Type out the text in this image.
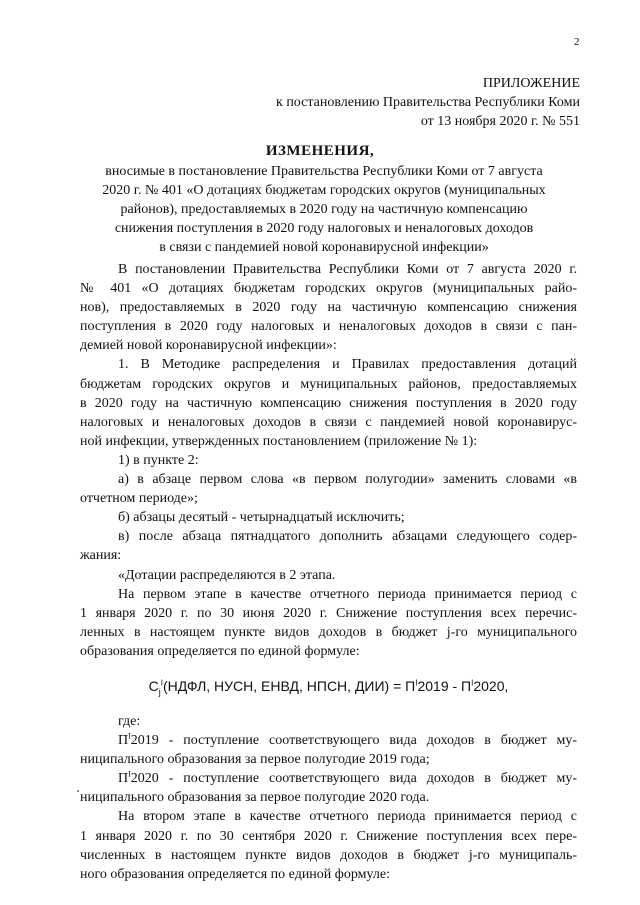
2
ПРИЛОЖЕНИЕ
к постановлению Правительства Республики Коми
от 13 ноября 2020 г. № 551
ИЗМЕНЕНИЯ,
вносимые в постановление Правительства Республики Коми от 7 августа
2020 г. № 401 «О дотациях бюджетам городских округов (муниципальных
районов), предоставляемых в 2020 году на частичную компенсацию
снижения поступления в 2020 году налоговых и неналоговых доходов
в связи с пандемией новой коронавирусной инфекции»
В постановлении Правительства Республики Коми от 7 августа 2020 г.
№ 401 «О дотациях бюджетам городских округов (муниципальных райо-
нов), предоставляемых в 2020 году на частичную компенсацию снижения
поступления в 2020 году налоговых и неналоговых доходов в связи с пан-
демией новой коронавирусной инфекции»:
1. В Методике распределения и Правилах предоставления дотаций
бюджетам городских округов и муниципальных районов, предоставляемых
в 2020 году на частичную компенсацию снижения поступления в 2020 году
налоговых и неналоговых доходов в связи с пандемией новой коронавирус-
ной инфекции, утвержденных постановлением (приложение № 1):
1) в пункте 2:
а) в абзаце первом слова «в первом полугодии» заменить словами «в
отчетном периоде»;
б) абзацы десятый - четырнадцатый исключить;
в) после абзаца пятнадцатого дополнить абзацами следующего содер-
жания:
«Дотации распределяются в 2 этапа.
На первом этапе в качестве отчетного периода принимается период с
1 января 2020 г. по 30 июня 2020 г. Снижение поступления всех перечис-
ленных в настоящем пункте видов доходов в бюджет j-го муниципального
образования определяется по единой формуле:
$C_j^I(НДФЛ$, НУСН, ЕНВД, НПСН, $ДИИ) = П^I2019 - П^I2020$,
где:
$П^I2019$ - поступление соответствующего вида доходов в бюджет му-
ниципального образования за первое полугодие 2019 года;
$П^I2020$ - поступление соответствующего вида доходов в бюджет му-
ниципального образования за первое полугодие 2020 года.
На втором этапе в качестве отчетного периода принимается период с
1 января 2020 г. по 30 сентября 2020 г. Снижение поступления всех пере-
численных в настоящем пункте видов доходов в бюджет j-го муниципаль-
ного образования определяется по единой формуле:
